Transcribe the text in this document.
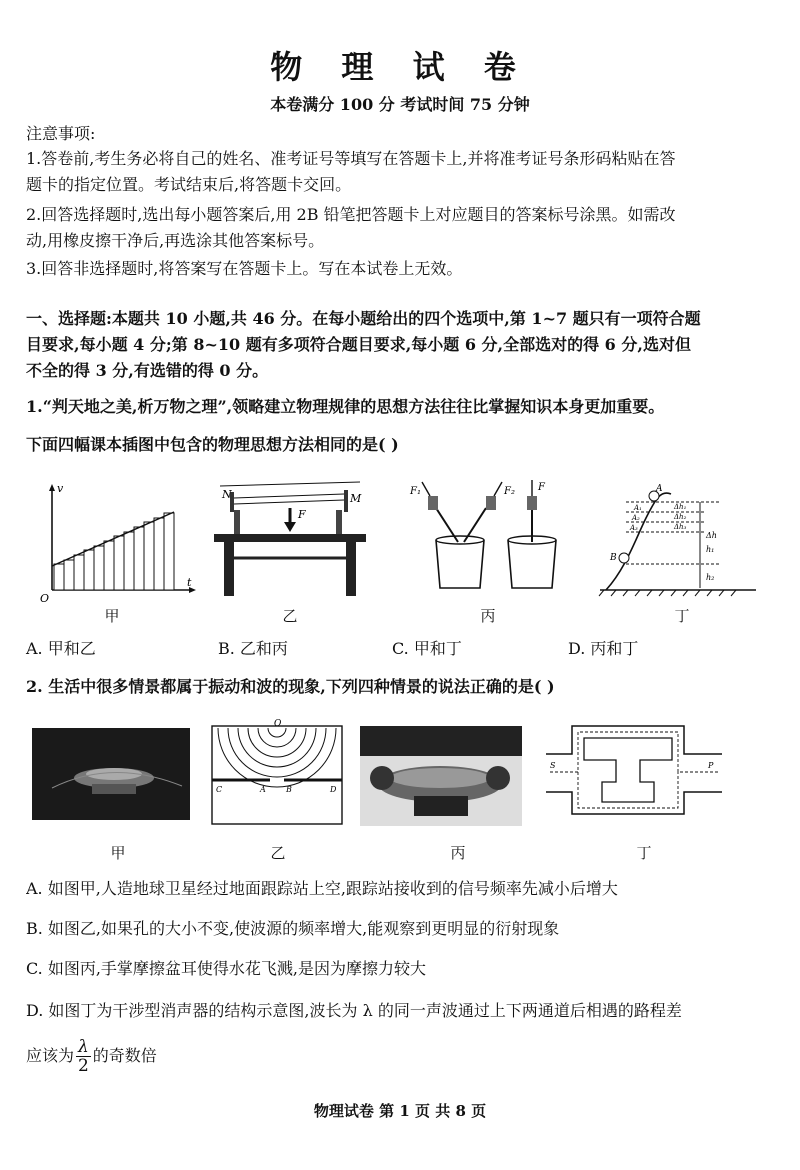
物 理 试 卷
本卷满分 100 分 考试时间 75 分钟
注意事项:
1.答卷前,考生务必将自己的姓名、准考证号等填写在答题卡上,并将准考证号条形码粘贴在答
题卡的指定位置。考试结束后,将答题卡交回。
2.回答选择题时,选出每小题答案后,用 2B 铅笔把答题卡上对应题目的答案标号涂黑。如需改
动,用橡皮擦干净后,再选涂其他答案标号。
3.回答非选择题时,将答案写在答题卡上。写在本试卷上无效。
一、选择题:本题共 10 小题,共 46 分。在每小题给出的四个选项中,第 1~7 题只有一项符合题
目要求,每小题 4 分;第 8~10 题有多项符合题目要求,每小题 6 分,全部选对的得 6 分,选对但
不全的得 3 分,有选错的得 0 分。
1.“判天地之美,析万物之理”,领略建立物理规律的思想方法往往比掌握知识本身更加重要。
下面四幅课本插图中包含的物理思想方法相同的是( )
v
t
O
甲
N	M
F
乙
F₁	F₂ F
丙
A
B
A₁
A₂
A₃
Δh₁
Δh₂
Δh₃
Δh
h₁
h₂
丁
A. 甲和乙	B. 乙和丙	C. 甲和丁	D. 丙和丁
2. 生活中很多情景都属于振动和波的现象,下列四种情景的说法正确的是( )
甲
O
C	A	B	D
乙	丙
S	P
丁
A. 如图甲,人造地球卫星经过地面跟踪站上空,跟踪站接收到的信号频率先减小后增大
B. 如图乙,如果孔的大小不变,使波源的频率增大,能观察到更明显的衍射现象
C. 如图丙,手掌摩擦盆耳使得水花飞溅,是因为摩擦力较大
D. 如图丁为干涉型消声器的结构示意图,波长为 λ 的同一声波通过上下两通道后相遇的路程差
应该为 $\frac{\lambda}{2}$ 的奇数倍
物理试卷 第 1 页 共 8 页
